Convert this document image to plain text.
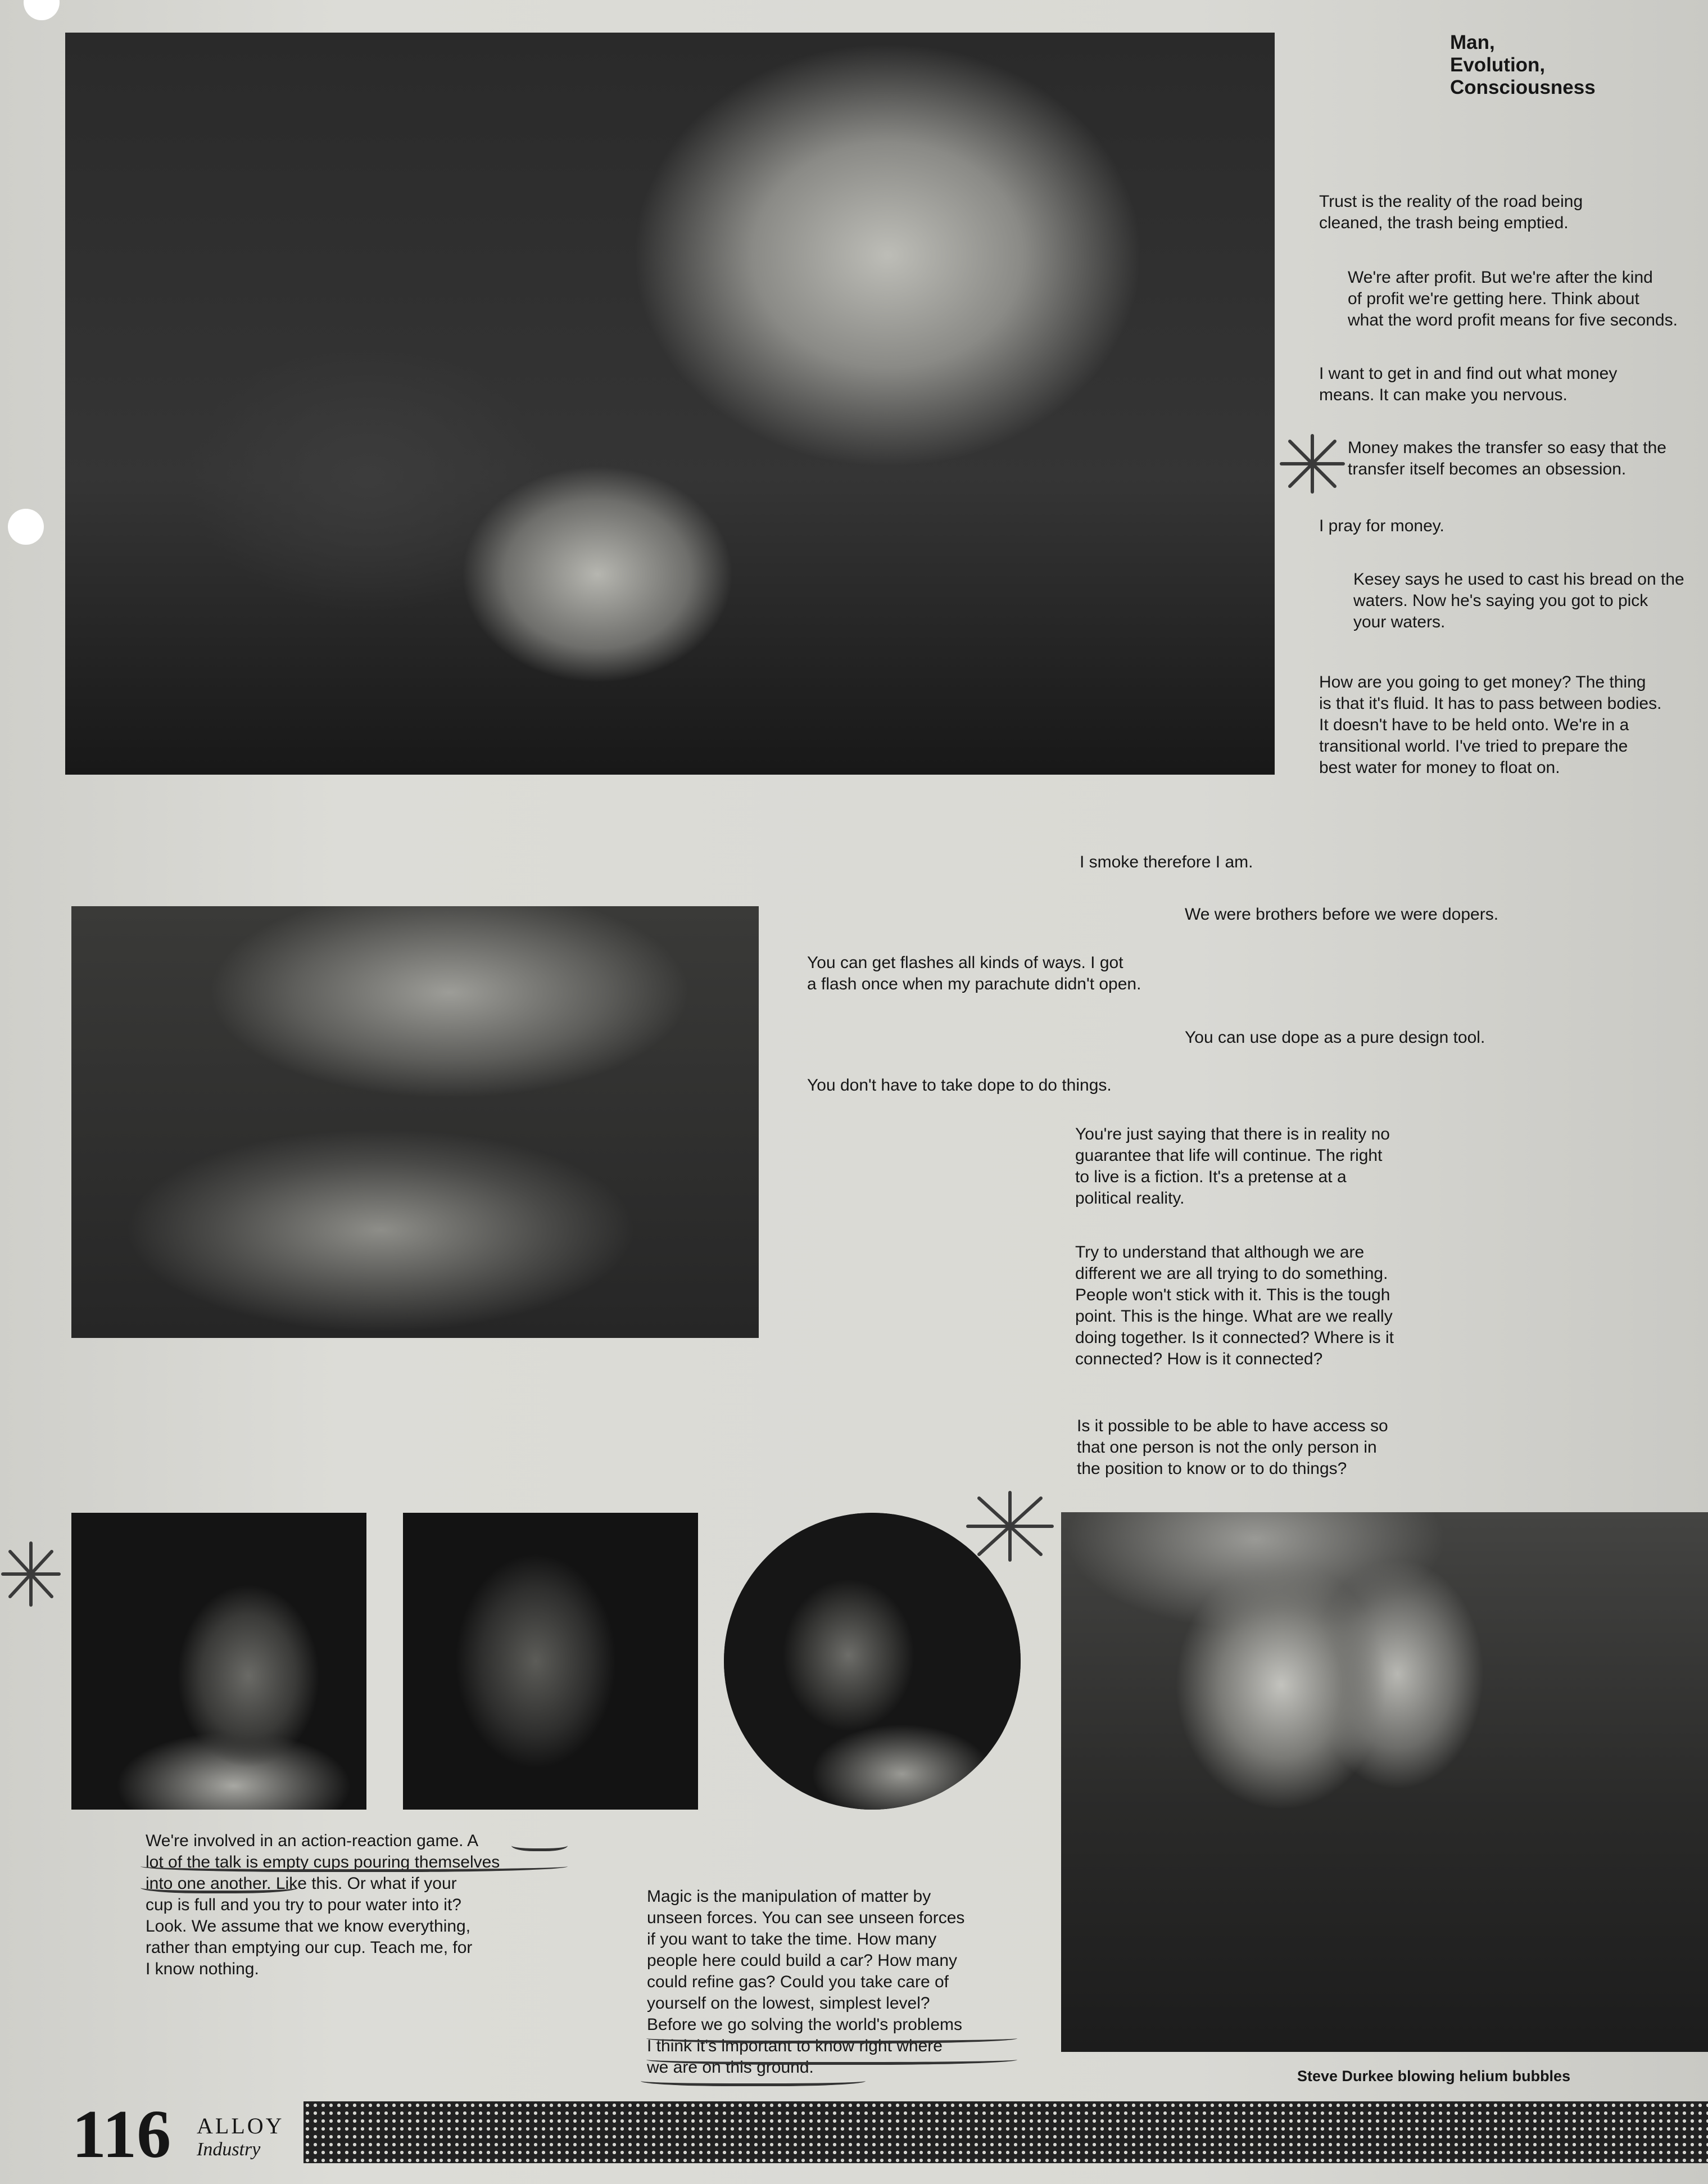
Man,
Evolution,
Consciousness
Trust is the reality of the road being
cleaned, the trash being emptied.
We're after profit. But we're after the kind
of profit we're getting here. Think about
what the word profit means for five seconds.
I want to get in and find out what money
means. It can make you nervous.
Money makes the transfer so easy that the
transfer itself becomes an obsession.
I pray for money.
Kesey says he used to cast his bread on the
waters. Now he's saying you got to pick
your waters.
How are you going to get money? The thing
is that it's fluid. It has to pass between bodies.
It doesn't have to be held onto. We're in a
transitional world. I've tried to prepare the
best water for money to float on.
I smoke therefore I am.
We were brothers before we were dopers.
You can get flashes all kinds of ways. I got
a flash once when my parachute didn't open.
You can use dope as a pure design tool.
You don't have to take dope to do things.
You're just saying that there is in reality no
guarantee that life will continue. The right
to live is a fiction. It's a pretense at a
political reality.
Try to understand that although we are
different we are all trying to do something.
People won't stick with it. This is the tough
point. This is the hinge. What are we really
doing together. Is it connected? Where is it
connected? How is it connected?
Is it possible to be able to have access so
that one person is not the only person in
the position to know or to do things?
We're involved in an action-reaction game. A
lot of the talk is empty cups pouring themselves
into one another. Like this. Or what if your
cup is full and you try to pour water into it?
Look. We assume that we know everything,
rather than emptying our cup. Teach me, for
I know nothing.
Magic is the manipulation of matter by
unseen forces. You can see unseen forces
if you want to take the time. How many
people here could build a car? How many
could refine gas? Could you take care of
yourself on the lowest, simplest level?
Before we go solving the world's problems
I think it's important to know right where
we are on this ground.	Steve Durkee blowing helium bubbles
116 ALLOY
Industry
